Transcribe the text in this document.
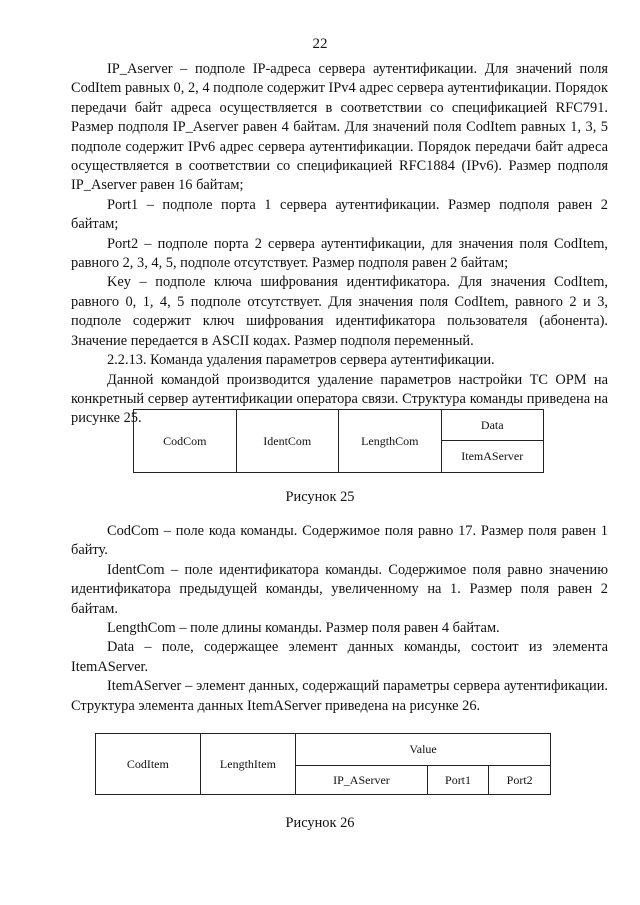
22

IP_Aserver – подполе IP-адреса сервера аутентификации. Для значений поля CodItem равных 0, 2, 4 подполе содержит IPv4 адрес сервера аутентификации. Порядок передачи байт адреса осуществляется в соответствии со спецификацией RFC791. Размер подполя IP_Aserver равен 4 байтам. Для значений поля CodItem равных 1, 3, 5 подполе содержит IPv6 адрес сервера аутентификации. Порядок передачи байт адреса осуществляется в соответствии со спецификацией RFC1884 (IPv6). Размер подполя IP_Aserver равен 16 байтам;

Port1 – подполе порта 1 сервера аутентификации. Размер подполя равен 2 байтам;

Port2 – подполе порта 2 сервера аутентификации, для значения поля CodItem, равного 2, 3, 4, 5, подполе отсутствует. Размер подполя равен 2 байтам;

Key – подполе ключа шифрования идентификатора. Для значения CodItem, равного 0, 1, 4, 5 подполе отсутствует. Для значения поля CodItem, равного 2 и 3, подполе содержит ключ шифрования идентификатора пользователя (абонента). Значение передается в ASCII кодах. Размер подполя переменный.

2.2.13. Команда удаления параметров сервера аутентификации.

Данной командой производится удаление параметров настройки ТС ОРМ на конкретный сервер аутентификации оператора связи. Структура команды приведена на рисунке 25.

CodCom	IdentCom	LengthCom	Data
ItemAServer
Рисунок 25

CodCom – поле кода команды. Содержимое поля равно 17. Размер поля равен 1 байту.

IdentCom – поле идентификатора команды. Содержимое поля равно значению идентификатора предыдущей команды, увеличенному на 1. Размер поля равен 2 байтам.

LengthCom – поле длины команды. Размер поля равен 4 байтам.

Data – поле, содержащее элемент данных команды, состоит из элемента ItemAServer.

ItemAServer – элемент данных, содержащий параметры сервера аутентификации. Структура элемента данных ItemAServer приведена на рисунке 26.

CodItem	LengthItem	Value		
		IP_AServer	Port1	Port2
Рисунок 26
